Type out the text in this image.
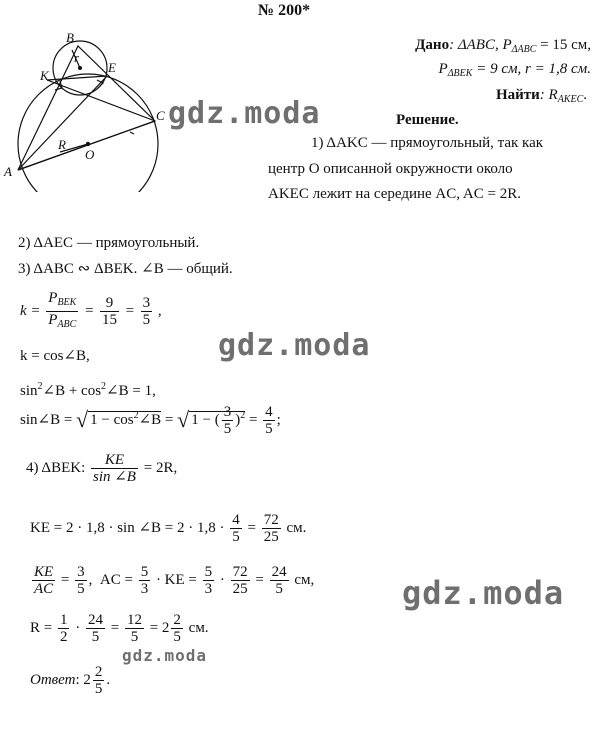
№ 200*
B
K
E
r
C
A
R
O
Дано: ΔABC, $P_{\Delta ABC} = 15$ см,
$P_{\Delta BEK} = 9$ см, r = 1,8 см.
Найти: $R_{AKEC}$.
Решение.
1) ΔAKC — прямоугольный, так как
центр O описанной окружности около
AKEC лежит на середине AC, AC = 2R.
2) ΔAEC — прямоугольный.
3) ΔABC ∾ ΔBEK. ∠B — общий.
$k = \frac{P_{BEK}}{P_{ABC}} = \frac{9}{15} = \frac{3}{5}$ ,
k = cos∠B,
$\sin^2\angle B$ + $\cos^2\angle B = 1$,
sin∠B = √ $1 - \cos^2\angle B$ = √ 1 − ( $\frac{3}{5} )^2 = \frac{4}{5}$ ;
4) ΔBEK: $\frac{KE}{\sin \angle B} = 2R$,
KE = 2 · 1,8 · sin ∠B = $2 \cdot 1,8 \cdot \frac{4}{5} = \frac{72}{25}$ см.
$\frac{KE}{AC} = \frac{3}{5}$ , AC = $\frac{5}{3}$ · KE = $\frac{5}{3} \cdot \frac{72}{25} = \frac{24}{5}$ см,
$R = \frac{1}{2} \cdot \frac{24}{5} = \frac{12}{5} = 2 \frac{2}{5}$ см.
Ответ: $2 \frac{2}{5}$ .
gdz.moda
gdz.moda
gdz.moda
gdz.moda
